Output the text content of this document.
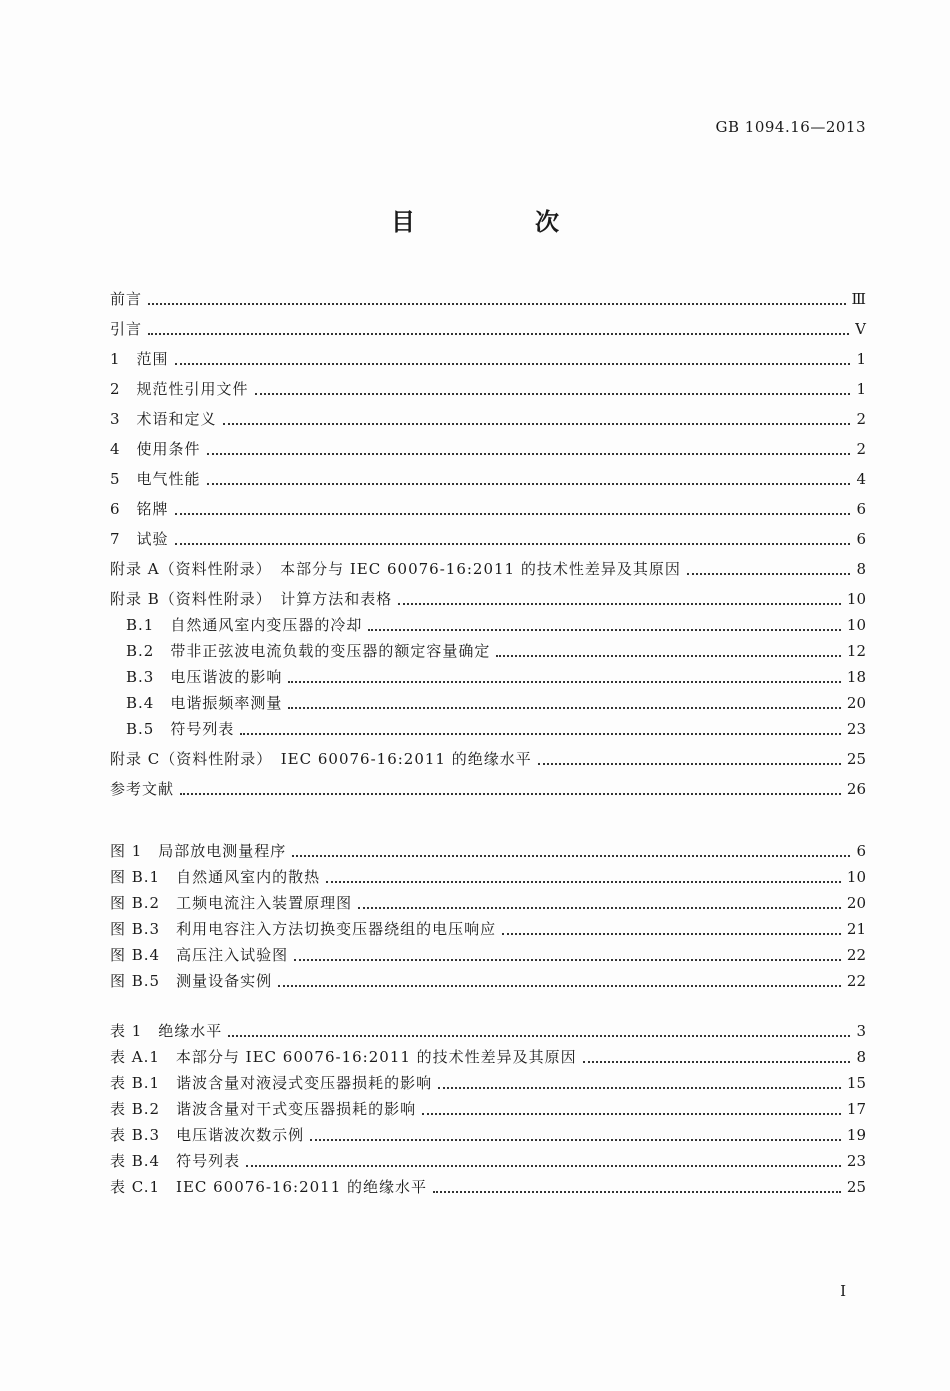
GB 1094.16—2013
目　次
前言	Ⅲ
引言	Ⅴ
1　范围	1
2　规范性引用文件	1
3　术语和定义	2
4　使用条件	2
5　电气性能	4
6　铭牌	6
7　试验	6
附录 A（资料性附录）　本部分与 IEC 60076-16:2011 的技术性差异及其原因	8
附录 B（资料性附录）　计算方法和表格	10
B.1　自然通风室内变压器的冷却	10
B.2　带非正弦波电流负载的变压器的额定容量确定	12
B.3　电压谐波的影响	18
B.4　电谐振频率测量	20
B.5　符号列表	23
附录 C（资料性附录）　IEC 60076-16:2011 的绝缘水平	25
参考文献	26
图 1　局部放电测量程序	6
图 B.1　自然通风室内的散热	10
图 B.2　工频电流注入装置原理图	20
图 B.3　利用电容注入方法切换变压器绕组的电压响应	21
图 B.4　高压注入试验图	22
图 B.5　测量设备实例	22
表 1　绝缘水平	3
表 A.1　本部分与 IEC 60076-16:2011 的技术性差异及其原因	8
表 B.1　谐波含量对液浸式变压器损耗的影响	15
表 B.2　谐波含量对干式变压器损耗的影响	17
表 B.3　电压谐波次数示例	19
表 B.4　符号列表	23
表 C.1　IEC 60076-16:2011 的绝缘水平	25
Ⅰ
